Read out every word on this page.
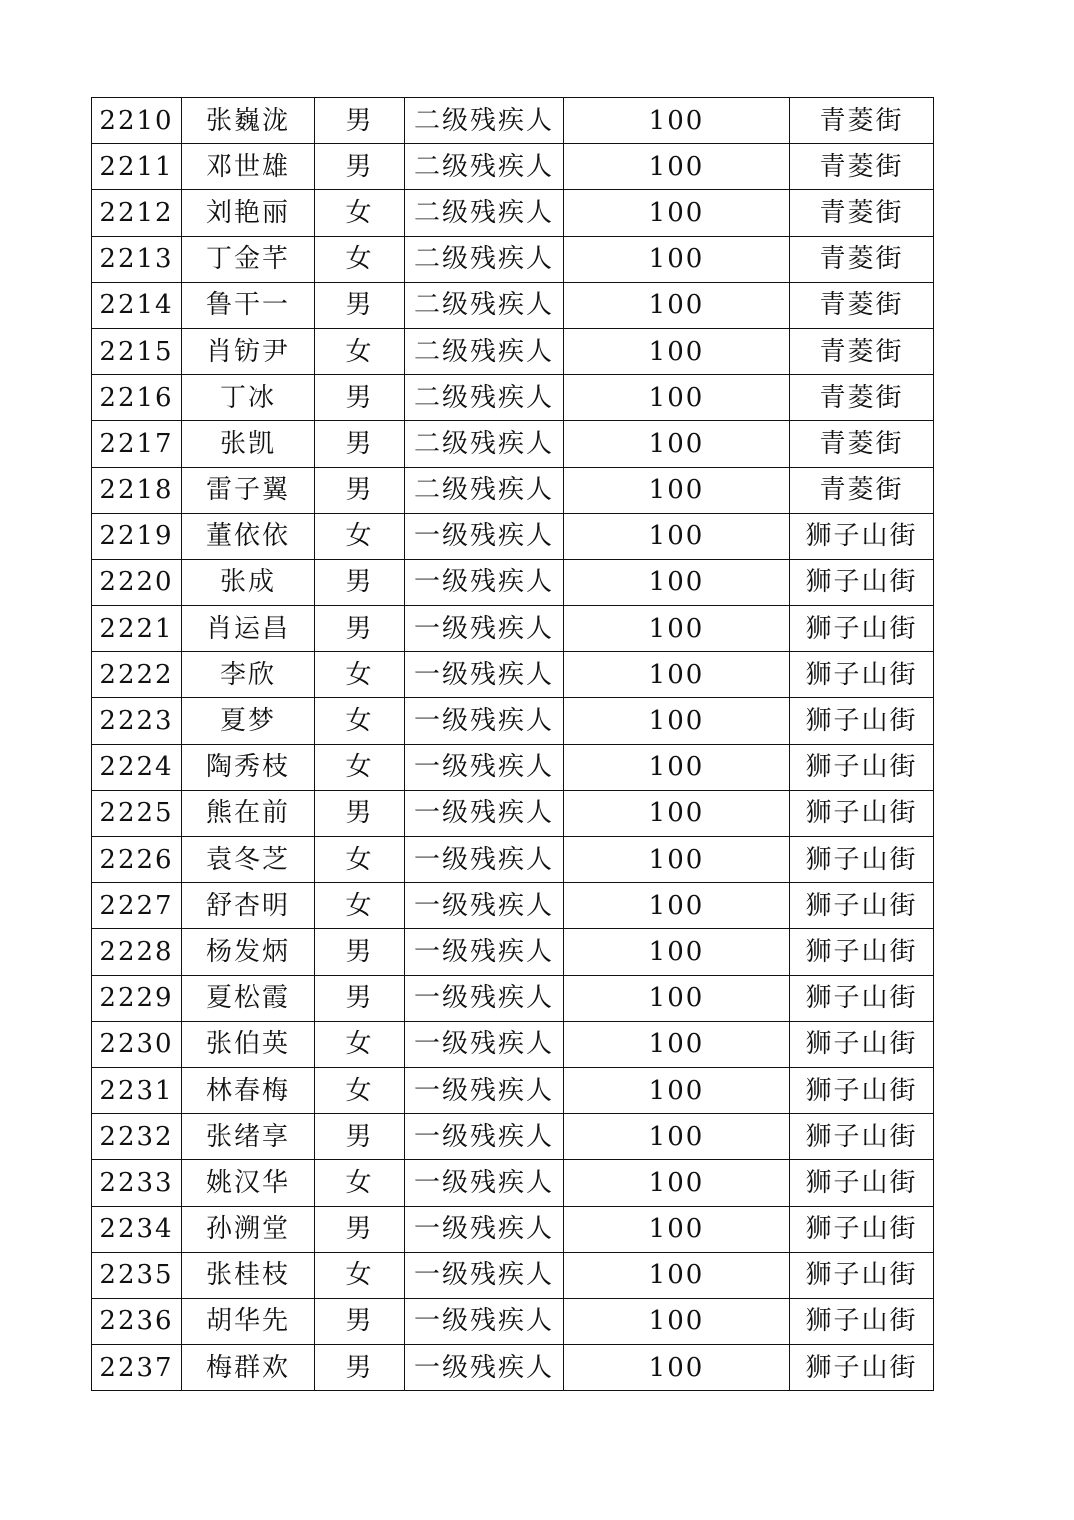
2210	张巍泷	男	二级残疾人	100	青菱街
2211	邓世雄	男	二级残疾人	100	青菱街
2212	刘艳丽	女	二级残疾人	100	青菱街
2213	丁金芊	女	二级残疾人	100	青菱街
2214	鲁干一	男	二级残疾人	100	青菱街
2215	肖钫尹	女	二级残疾人	100	青菱街
2216	丁冰	男	二级残疾人	100	青菱街
2217	张凯	男	二级残疾人	100	青菱街
2218	雷子翼	男	二级残疾人	100	青菱街
2219	董依依	女	一级残疾人	100	狮子山街
2220	张成	男	一级残疾人	100	狮子山街
2221	肖运昌	男	一级残疾人	100	狮子山街
2222	李欣	女	一级残疾人	100	狮子山街
2223	夏梦	女	一级残疾人	100	狮子山街
2224	陶秀枝	女	一级残疾人	100	狮子山街
2225	熊在前	男	一级残疾人	100	狮子山街
2226	袁冬芝	女	一级残疾人	100	狮子山街
2227	舒杏明	女	一级残疾人	100	狮子山街
2228	杨发炳	男	一级残疾人	100	狮子山街
2229	夏松霞	男	一级残疾人	100	狮子山街
2230	张伯英	女	一级残疾人	100	狮子山街
2231	林春梅	女	一级残疾人	100	狮子山街
2232	张绪享	男	一级残疾人	100	狮子山街
2233	姚汉华	女	一级残疾人	100	狮子山街
2234	孙溯堂	男	一级残疾人	100	狮子山街
2235	张桂枝	女	一级残疾人	100	狮子山街
2236	胡华先	男	一级残疾人	100	狮子山街
2237	梅群欢	男	一级残疾人	100	狮子山街
